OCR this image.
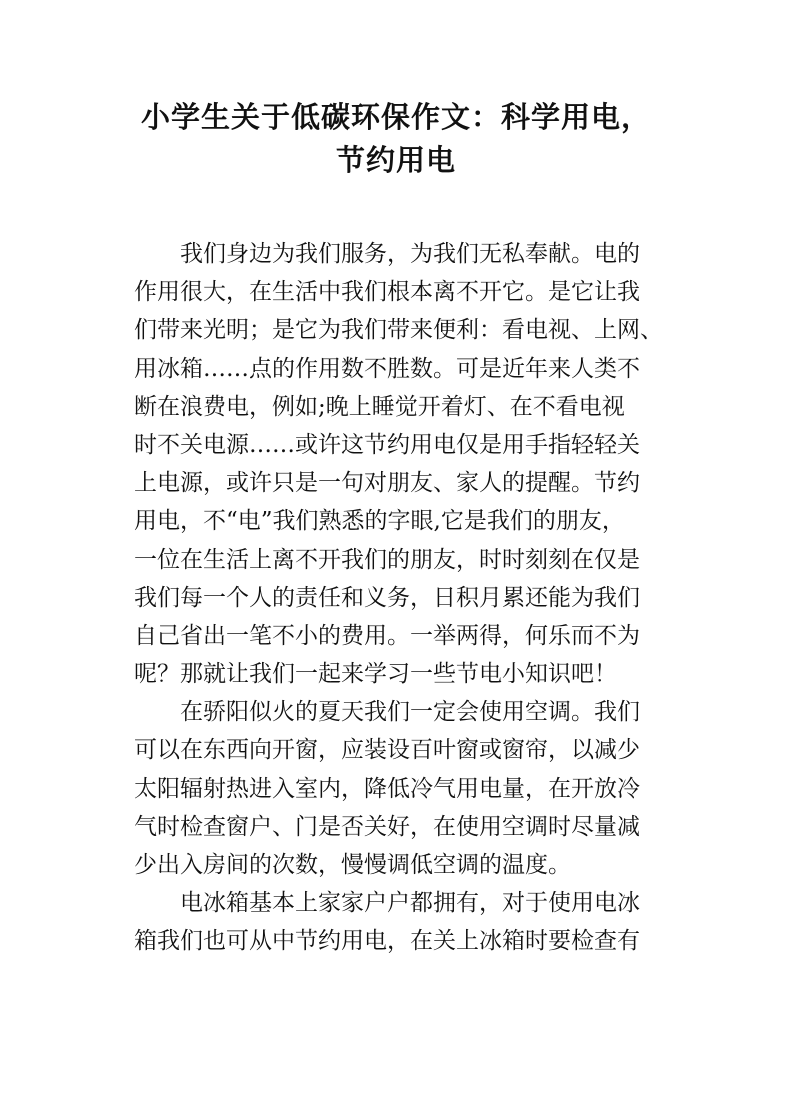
小学生关于低碳环保作文：科学用电，
节约用电
我们身边为我们服务，为我们无私奉献。电的
作用很大，在生活中我们根本离不开它。是它让我
们带来光明；是它为我们带来便利：看电视、上网、
用冰箱……点的作用数不胜数。可是近年来人类不
断在浪费电，例如;晚上睡觉开着灯、在不看电视
时不关电源……或许这节约用电仅是用手指轻轻关
上电源，或许只是一句对朋友、家人的提醒。节约
用电，不“电”我们熟悉的字眼,它是我们的朋友，
一位在生活上离不开我们的朋友，时时刻刻在仅是
我们每一个人的责任和义务，日积月累还能为我们
自己省出一笔不小的费用。一举两得，何乐而不为
呢？那就让我们一起来学习一些节电小知识吧！
在骄阳似火的夏天我们一定会使用空调。我们
可以在东西向开窗，应装设百叶窗或窗帘，以减少
太阳辐射热进入室内，降低冷气用电量，在开放冷
气时检查窗户、门是否关好，在使用空调时尽量减
少出入房间的次数，慢慢调低空调的温度。
电冰箱基本上家家户户都拥有，对于使用电冰
箱我们也可从中节约用电，在关上冰箱时要检查有
